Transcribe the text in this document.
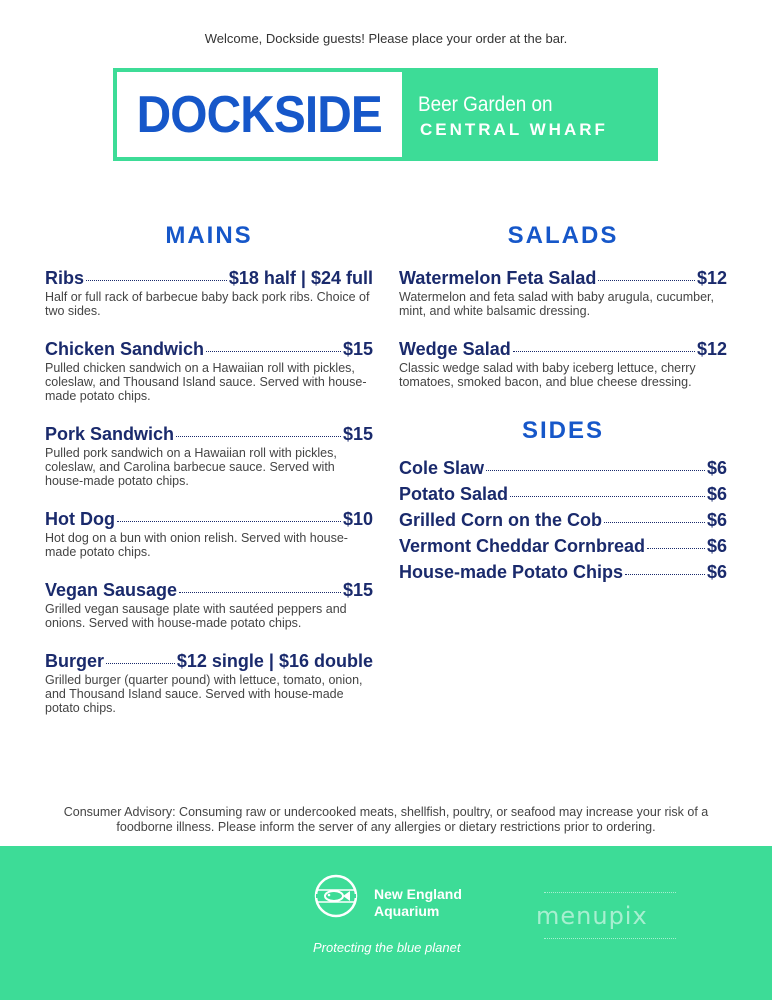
Welcome, Dockside guests! Please place your order at the bar.
DOCKSIDE Beer Garden on
CENTRAL WHARF
MAINS
Ribs	$18 half | $24 full
Half or full rack of barbecue baby back pork ribs. Choice of two sides.
Chicken Sandwich	$15
Pulled chicken sandwich on a Hawaiian roll with pickles, coleslaw, and Thousand Island sauce. Served with house-made potato chips.
Pork Sandwich	$15
Pulled pork sandwich on a Hawaiian roll with pickles, coleslaw, and Carolina barbecue sauce. Served with house-made potato chips.
Hot Dog	$10
Hot dog on a bun with onion relish. Served with house-made potato chips.
Vegan Sausage	$15
Grilled vegan sausage plate with sautéed peppers and onions. Served with house-made potato chips.
Burger	$12 single | $16 double
Grilled burger (quarter pound) with lettuce, tomato, onion, and Thousand Island sauce. Served with house-made potato chips.
SALADS
Watermelon Feta Salad	$12
Watermelon and feta salad with baby arugula, cucumber, mint, and white balsamic dressing.
Wedge Salad	$12
Classic wedge salad with baby iceberg lettuce, cherry tomatoes, smoked bacon, and blue cheese dressing.
SIDES
Cole Slaw	$6
Potato Salad	$6
Grilled Corn on the Cob	$6
Vermont Cheddar Cornbread	$6
House-made Potato Chips	$6
Consumer Advisory: Consuming raw or undercooked meats, shellfish, poultry, or seafood may increase your risk of a foodborne illness. Please inform the server of any allergies or dietary restrictions prior to ordering.
New England
Aquarium
Protecting the blue planet
menupix
